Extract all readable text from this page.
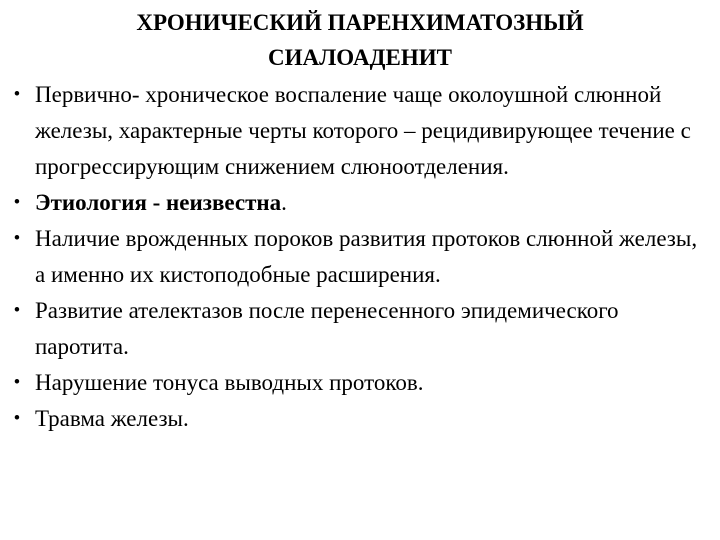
ХРОНИЧЕСКИЙ ПАРЕНХИМАТОЗНЫЙ
СИАЛОАДЕНИТ
• Первично- хроническое воспаление чаще околоушной слюнной железы, характерные черты которого – рецидивирующее течение с прогрессирующим снижением слюноотделения.
• Этиология - неизвестна.
• Наличие врожденных пороков развития протоков слюнной железы, а именно их кистоподобные расширения.
• Развитие ателектазов после перенесенного эпидемического паротита.
• Нарушение тонуса выводных протоков.
• Травма железы.
